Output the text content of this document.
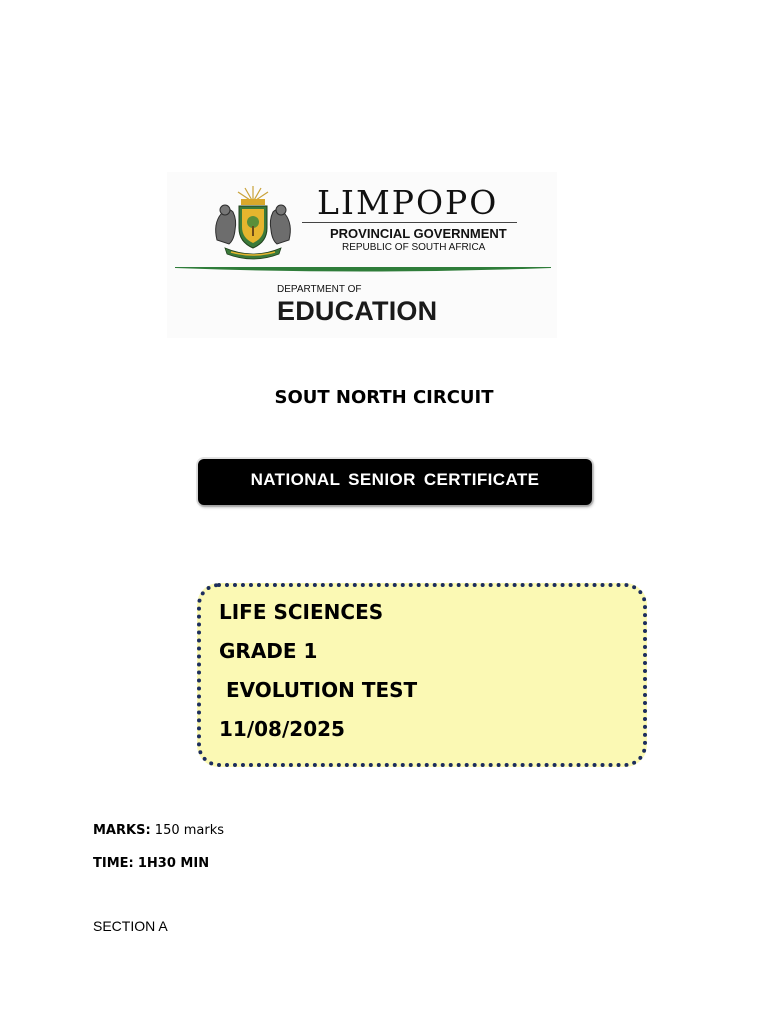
LIMPOPO
PROVINCIAL GOVERNMENT
REPUBLIC OF SOUTH AFRICA
DEPARTMENT OF
EDUCATION
SOUT NORTH CIRCUIT
NATIONAL SENIOR CERTIFICATE
LIFE SCIENCES
GRADE 1
EVOLUTION TEST
11/08/2025
MARKS: 150 marks
TIME: 1H30 MIN
SECTION A
